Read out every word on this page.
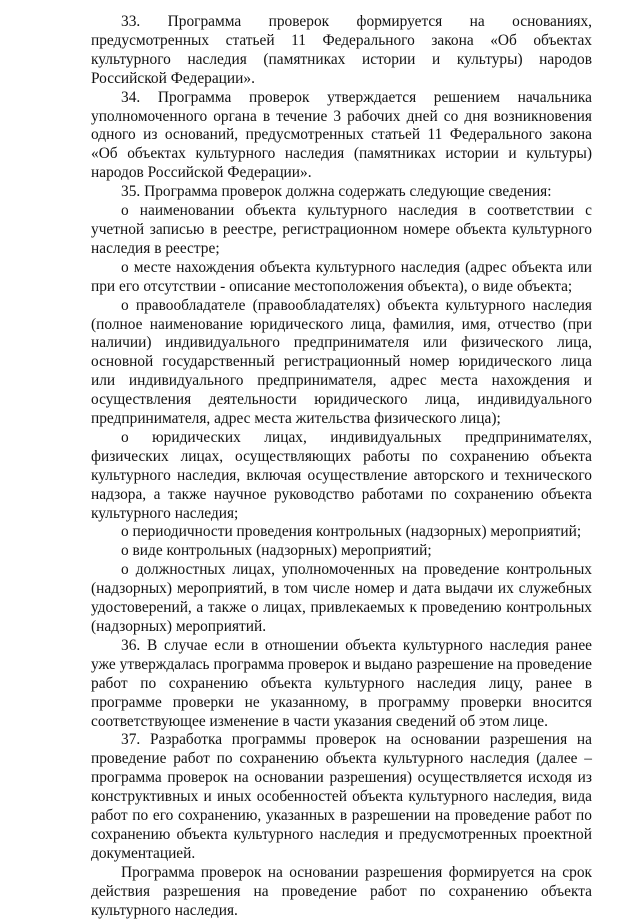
33. Программа проверок формируется на основаниях, предусмотренных статьей 11 Федерального закона «Об объектах культурного наследия (памятниках истории и культуры) народов Российской Федерации».

34. Программа проверок утверждается решением начальника уполномоченного органа в течение 3 рабочих дней со дня возникновения одного из оснований, предусмотренных статьей 11 Федерального закона «Об объектах культурного наследия (памятниках истории и культуры) народов Российской Федерации».

35. Программа проверок должна содержать следующие сведения:

о наименовании объекта культурного наследия в соответствии с учетной записью в реестре, регистрационном номере объекта культурного наследия в реестре;

о месте нахождения объекта культурного наследия (адрес объекта или при его отсутствии - описание местоположения объекта), о виде объекта;

о правообладателе (правообладателях) объекта культурного наследия (полное наименование юридического лица, фамилия, имя, отчество (при наличии) индивидуального предпринимателя или физического лица, основной государственный регистрационный номер юридического лица или индивидуального предпринимателя, адрес места нахождения и осуществления деятельности юридического лица, индивидуального предпринимателя, адрес места жительства физического лица);

о юридических лицах, индивидуальных предпринимателях, физических лицах, осуществляющих работы по сохранению объекта культурного наследия, включая осуществление авторского и технического надзора, а также научное руководство работами по сохранению объекта культурного наследия;

о периодичности проведения контрольных (надзорных) мероприятий;

о виде контрольных (надзорных) мероприятий;

о должностных лицах, уполномоченных на проведение контрольных (надзорных) мероприятий, в том числе номер и дата выдачи их служебных удостоверений, а также о лицах, привлекаемых к проведению контрольных (надзорных) мероприятий.

36. В случае если в отношении объекта культурного наследия ранее уже утверждалась программа проверок и выдано разрешение на проведение работ по сохранению объекта культурного наследия лицу, ранее в программе проверки не указанному, в программу проверки вносится соответствующее изменение в части указания сведений об этом лице.

37. Разработка программы проверок на основании разрешения на проведение работ по сохранению объекта культурного наследия (далее – программа проверок на основании разрешения) осуществляется исходя из конструктивных и иных особенностей объекта культурного наследия, вида работ по его сохранению, указанных в разрешении на проведение работ по сохранению объекта культурного наследия и предусмотренных проектной документацией.

Программа проверок на основании разрешения формируется на срок действия разрешения на проведение работ по сохранению объекта культурного наследия.
